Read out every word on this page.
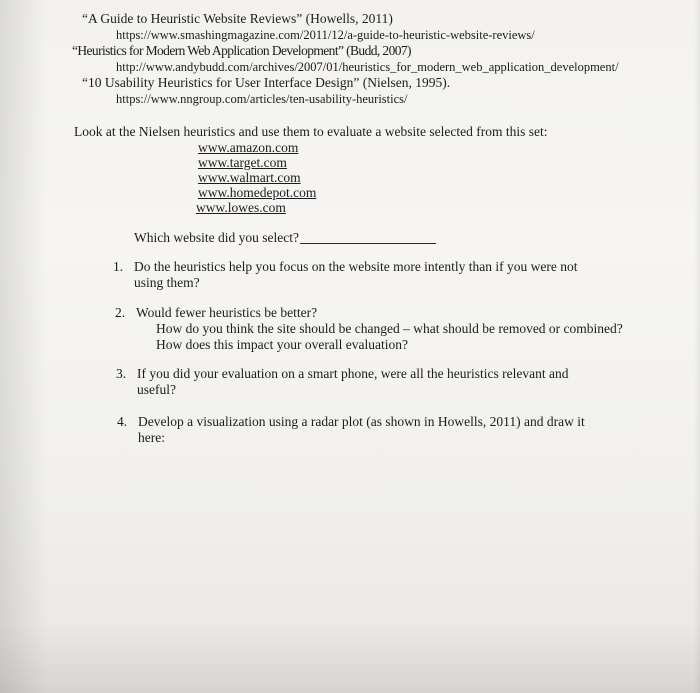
“A Guide to Heuristic Website Reviews” (Howells, 2011)
https://www.smashingmagazine.com/2011/12/a-guide-to-heuristic-website-reviews/
“Heuristics for Modern Web Application Development” (Budd, 2007)
http://www.andybudd.com/archives/2007/01/heuristics_for_modern_web_application_development/
“10 Usability Heuristics for User Interface Design” (Nielsen, 1995).
https://www.nngroup.com/articles/ten-usability-heuristics/
Look at the Nielsen heuristics and use them to evaluate a website selected from this set:
www.amazon.com
www.target.com
www.walmart.com
www.homedepot.com
www.lowes.com
Which website did you select?
1. Do the heuristics help you focus on the website more intently than if you were not
using them?
2. Would fewer heuristics be better?
How do you think the site should be changed – what should be removed or combined?
How does this impact your overall evaluation?
3. If you did your evaluation on a smart phone, were all the heuristics relevant and
useful?
4. Develop a visualization using a radar plot (as shown in Howells, 2011) and draw it
here:
